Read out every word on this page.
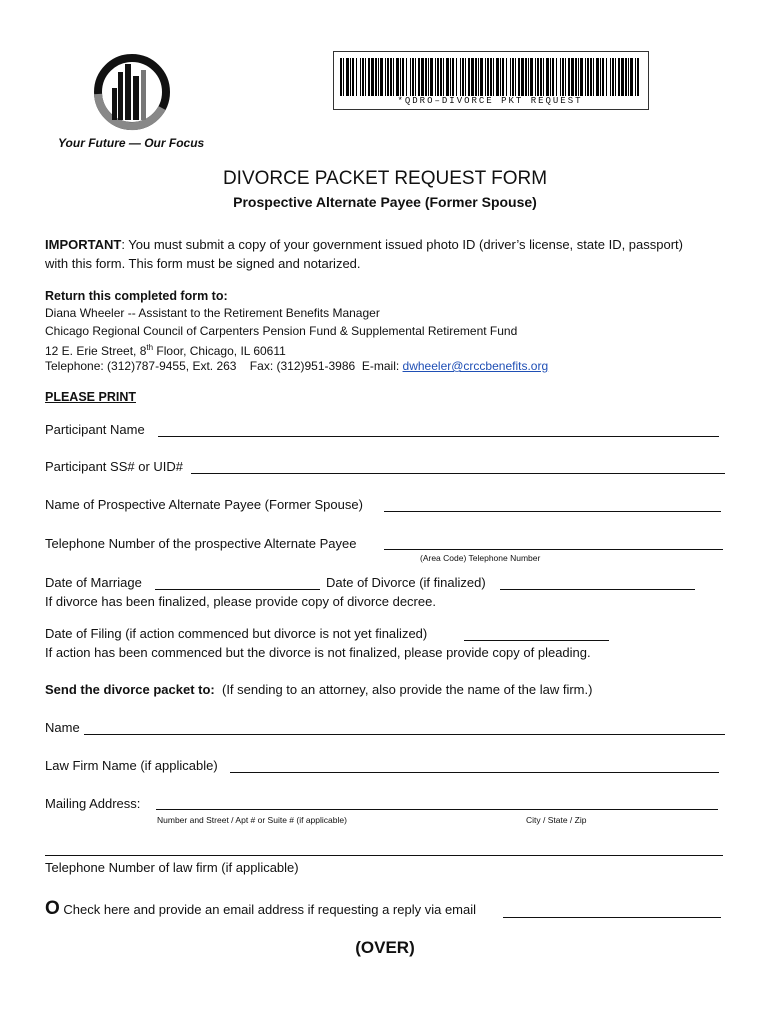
Your Future — Our Focus
*QDRO–DIVORCE PKT REQUEST
DIVORCE PACKET REQUEST FORM
Prospective Alternate Payee (Former Spouse)
IMPORTANT: You must submit a copy of your government issued photo ID (driver’s license, state ID, passport)
with this form. This form must be signed and notarized.
Return this completed form to:
Diana Wheeler -- Assistant to the Retirement Benefits Manager
Chicago Regional Council of Carpenters Pension Fund & Supplemental Retirement Fund
12 E. Erie Street, 8th Floor, Chicago, IL 60611
Telephone: (312)787-9455, Ext. 263    Fax: (312)951-3986  E-mail: dwheeler@crccbenefits.org
PLEASE PRINT
Participant Name
Participant SS# or UID#
Name of Prospective Alternate Payee (Former Spouse)
Telephone Number of the prospective Alternate Payee
(Area Code) Telephone Number
Date of Marriage	Date of Divorce (if finalized)
If divorce has been finalized, please provide copy of divorce decree.
Date of Filing (if action commenced but divorce is not yet finalized)
If action has been commenced but the divorce is not finalized, please provide copy of pleading.
Send the divorce packet to:  (If sending to an attorney, also provide the name of the law firm.)
Name
Law Firm Name (if applicable)
Mailing Address:
Number and Street / Apt # or Suite # (if applicable)	City / State / Zip
Telephone Number of law firm (if applicable)
O Check here and provide an email address if requesting a reply via email
(OVER)
